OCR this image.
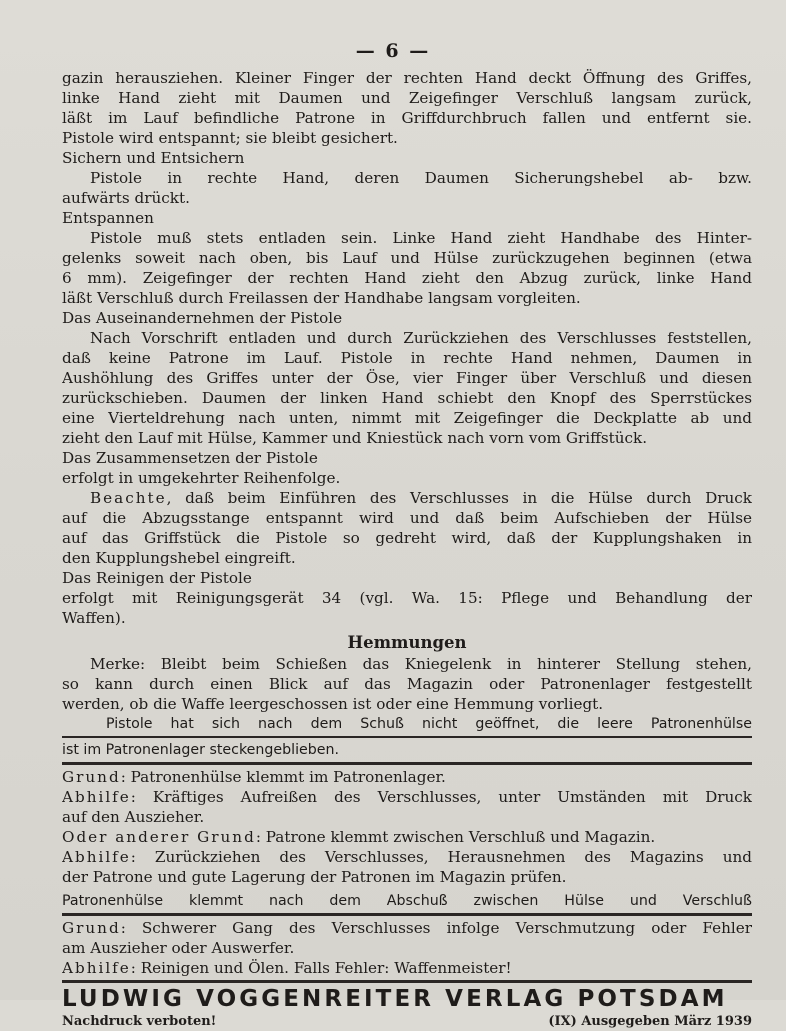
— 6 —
gazin herausziehen. Kleiner Finger der rechten Hand deckt Öffnung des Griffes,
linke Hand zieht mit Daumen und Zeigefinger Verschluß langsam zurück,
läßt im Lauf befindliche Patrone in Griffdurchbruch fallen und entfernt sie.
Pistole wird entspannt; sie bleibt gesichert.
Sichern und Entsichern
Pistole in rechte Hand, deren Daumen Sicherungshebel ab- bzw.
aufwärts drückt.
Entspannen
Pistole muß stets entladen sein. Linke Hand zieht Handhabe des Hinter-
gelenks soweit nach oben, bis Lauf und Hülse zurückzugehen beginnen (etwa
6 mm). Zeigefinger der rechten Hand zieht den Abzug zurück, linke Hand
läßt Verschluß durch Freilassen der Handhabe langsam vorgleiten.
Das Auseinandernehmen der Pistole
Nach Vorschrift entladen und durch Zurückziehen des Verschlusses feststellen,
daß keine Patrone im Lauf. Pistole in rechte Hand nehmen, Daumen in
Aushöhlung des Griffes unter der Öse, vier Finger über Verschluß und diesen
zurückschieben. Daumen der linken Hand schiebt den Knopf des Sperrstückes
eine Vierteldrehung nach unten, nimmt mit Zeigefinger die Deckplatte ab und
zieht den Lauf mit Hülse, Kammer und Kniestück nach vorn vom Griffstück.
Das Zusammensetzen der Pistole
erfolgt in umgekehrter Reihenfolge.
Beachte, daß beim Einführen des Verschlusses in die Hülse durch Druck
auf die Abzugsstange entspannt wird und daß beim Aufschieben der Hülse
auf das Griffstück die Pistole so gedreht wird, daß der Kupplungshaken in
den Kupplungshebel eingreift.
Das Reinigen der Pistole
erfolgt mit Reinigungsgerät 34 (vgl. Wa. 15: Pflege und Behandlung der
Waffen).
Hemmungen
Merke: Bleibt beim Schießen das Kniegelenk in hinterer Stellung stehen,
so kann durch einen Blick auf das Magazin oder Patronenlager festgestellt
werden, ob die Waffe leergeschossen ist oder eine Hemmung vorliegt.
Pistole hat sich nach dem Schuß nicht geöffnet, die leere Patronenhülse
ist im Patronenlager steckengeblieben.
Grund: Patronenhülse klemmt im Patronenlager.
Abhilfe: Kräftiges Aufreißen des Verschlusses, unter Umständen mit Druck
auf den Auszieher.
Oder anderer Grund: Patrone klemmt zwischen Verschluß und Magazin.
Abhilfe: Zurückziehen des Verschlusses, Herausnehmen des Magazins und
der Patrone und gute Lagerung der Patronen im Magazin prüfen.
Patronenhülse klemmt nach dem Abschuß zwischen Hülse und Verschluß
Grund: Schwerer Gang des Verschlusses infolge Verschmutzung oder Fehler
am Auszieher oder Auswerfer.
Abhilfe: Reinigen und Ölen. Falls Fehler: Waffenmeister!
LUDWIG VOGGENREITER VERLAG POTSDAM
Nachdruck verboten!	(IX) Ausgegeben März 1939
